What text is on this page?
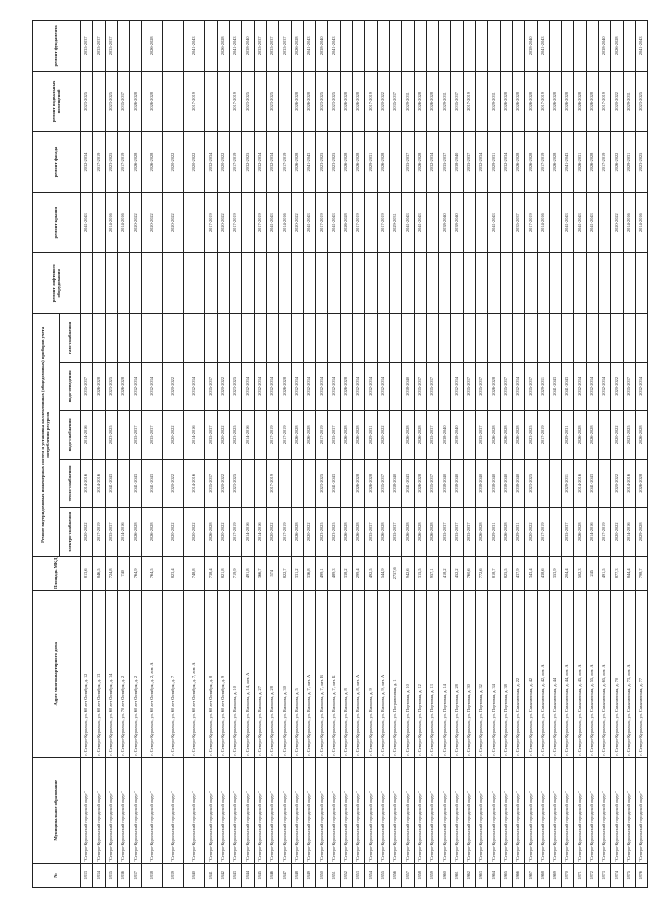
№	Муниципальное образование	Адрес многоквартирного дома	Площадь МКД	Ремонт внутридомовых инженерных систем и установка коллективных (общедомовых) приборов учета потребления ресурсов					ремонт лифтового оборудования	ремонт крыши	ремонт фасада	ремонт подвальных помещений	ремонт фундамента
				электро-снабжения	тепло-снабжения	водо-снабжения	водо-отведения	газо-снабжения					
1833	"Северо-Курильский городской округ"	г. Северо-Курильск, ул. 60 лет Октября, д. 12	813,6	2020-2022	2014-2016	2014-2016	2035-2037			2041-2043	2032-2034	2023-2025	2035-2037
1834	"Северо-Курильский городской округ"	г. Северо-Курильск, ул. 60 лет Октября, д. 13	846,5	2017-2019	2014-2016		2026-2028				2017-2019		2035-2037
1835	"Северо-Курильский городской округ"	г. Северо-Курильск, ул. 60 лет Октября, д. 14	724,8	2035-2037	2041-2043	2023-2025	2023-2025			2014-2016	2023-2025	2023-2025	2035-2037
1836	"Северо-Курильский городской округ"	г. Северо-Курильск, ул. 70 лет Октября, д. 2	740	2014-2016			2026-2028			2014-2016	2017-2019	2035-2037	
1837	"Северо-Курильский городской округ"	г. Северо-Курильск, ул. 60 лет Октября, д. 2	764,9	2026-2028	2041-2043	2035-2037	2032-2034			2020-2022	2026-2028	2026-2028	
1838	"Северо-Курильский городской округ"	г. Северо-Курильск, ул. 60 лет Октября, д. 2, лит. А	764,5	2026-2028	2041-2043	2035-2037	2032-2034			2020-2022	2026-2028	2026-2028	2026-2028
1839	"Северо-Курильский городской округ"	г. Северо-Курильск, ул. 60 лет Октября, д. 7	823,4	2020-2022	2020-2022	2020-2022	2020-2022			2020-2022	2020-2022		
1840	"Северо-Курильский городской округ"	г. Северо-Курильск, ул. 60 лет Октября, д. 7, лит. А	748,8	2020-2022	2014-2016	2014-2016	2032-2034				2020-2022	2017-2019	2041-2043
1841	"Северо-Курильский городской округ"	г. Северо-Курильск, ул. 60 лет Октября, д. 8	738,4	2026-2028	2035-2037	2035-2037	2035-2037			2017-2019	2032-2034		
1842	"Северо-Курильский городской округ"	г. Северо-Курильск, ул. 60 лет Октября, д. 9	821,8	2020-2022	2020-2022	2020-2022	2020-2022			2020-2022	2020-2022		2026-2028
1843	"Северо-Курильский городской округ"	г. Северо-Курильск, ул. Вилкова, д. 10	719,9	2017-2019	2023-2025	2023-2025	2023-2025			2017-2019	2017-2019	2017-2019	2041-2043
1844	"Северо-Курильский городской округ"	г. Северо-Курильск, ул. Вилкова, д. 14, лит. А	491,8	2014-2016		2014-2016	2032-2034				2032-2025	2023-2025	2038-2040
1845	"Северо-Курильский городской округ"	г. Северо-Курильск, ул. Вилкова, д. 27	366,7	2014-2016			2032-2034			2017-2019	2032-2034		2035-2037
1846	"Северо-Курильский городской округ"	г. Северо-Курильск, ул. Вилкова, д. 28	574	2020-2022	2017-2019	2017-2019	2032-2034			2041-2043	2032-2034	2023-2025	2035-2037
1847	"Северо-Курильский городской округ"	г. Северо-Курильск, ул. Вилкова, д. 30	822,7	2017-2019		2017-2019	2026-2028			2014-2016	2017-2019		2035-2037
1848	"Северо-Курильский городской округ"	г. Северо-Курильск, ул. Вилкова, д. 5	331,2	2026-2028		2026-2028	2032-2034			2020-2022	2026-2028	2026-2028	2026-2028
1849	"Северо-Курильский городской округ"	г. Северо-Курильск, ул. Вилкова, д. 7, лит. А	336,8	2020-2022		2026-2028	2032-2034			2041-2043	2041-2043	2026-2028	2041-2043
1850	"Северо-Курильский городской округ"	г. Северо-Курильск, ул. Вилкова, д. 7, лит. В	499,1	2023-2025	2023-2025	2017-2019	2032-2034			2017-2019	2023-2025	2023-2025	2038-2040
1851	"Северо-Курильский городской округ"	г. Северо-Курильск, ул. Вилкова, д. 7, лит. Б	489,3	2023-2025	2041-2043	2035-2037	2032-2034			2041-2043	2023-2025	2023-2025	2041-2043
1852	"Северо-Курильский городской округ"	г. Северо-Курильск, ул. Вилкова, д. 8	338,2	2026-2028		2026-2028	2026-2028			2026-2028	2026-2028	2026-2028	
1853	"Северо-Курильский городской округ"	г. Северо-Курильск, ул. Вилкова, д. 8, лит. А	299,4	2026-2028	2026-2028	2026-2028	2032-2034			2017-2019	2026-2028	2026-2028	
1854	"Северо-Курильский городской округ"	г. Северо-Курильск, ул. Вилкова, д. 9	492,5	2035-2037	2026-2028	2029-2031	2032-2034				2029-2031	2017-2019	
1855	"Северо-Курильский городской округ"	г. Северо-Курильск, ул. Вилкова, д. 9, лит. А	544,9	2026-2028	2035-2037	2020-2022	2032-2034			2017-2019	2026-2028	2020-2022	
1856	"Северо-Курильский городской округ"	г. Северо-Курильск, ул. Пограничная, д. 1	2757,6	2035-2037	2038-2040					2029-2031		2035-2037	
1857	"Северо-Курильский городской округ"	г. Северо-Курильск, ул. Портовая, д. 10	942,6	2026-2028	2041-2043	2026-2028	2038-2040			2041-2043	2035-2037	2029-2031	
1858	"Северо-Курильский городской округ"	г. Северо-Курильск, ул. Портовая, д. 12	315,5	2026-2028	2026-2028	2026-2028	2035-2037			2041-2043	2026-2028	2026-2028	
1859	"Северо-Курильский городской округ"	г. Северо-Курильск, ул. Портовая, д. 13	957,1	2026-2028	2035-2037	2035-2037	2035-2037				2032-2034	2026-2028	
1860	"Северо-Курильский городской округ"	г. Северо-Курильск, ул. Портовая, д. 14	418,2	2035-2037	2038-2040	2038-2040				2038-2040	2035-2037	2029-2031	
1861	"Северо-Курильский городской округ"	г. Северо-Курильск, ул. Портовая, д. 28	452,2	2035-2037	2038-2040	2038-2040	2032-2034			2038-2040	2038-2040	2035-2037	
1862	"Северо-Курильский городской округ"	г. Северо-Курильск, ул. Портовая, д. 30	760,6	2035-2037			2035-2037				2035-2037	2017-2019	
1863	"Северо-Курильский городской округ"	г. Северо-Курильск, ул. Портовая, д. 32	772,6	2026-2028	2038-2040	2035-2037	2035-2037				2032-2034		
1864	"Северо-Курильский городской округ"	г. Северо-Курильск, ул. Портовая, д. 34	818,7	2029-2031	2038-2040	2026-2028	2026-2028			2041-2043	2029-2031	2029-2031	
1865	"Северо-Курильский городской округ"	г. Северо-Курильск, ул. Портовая, д. 38	825,5	2026-2028	2038-2040	2026-2028	2035-2037				2032-2034	2026-2028	
1866	"Северо-Курильский городской округ"	г. Северо-Курильск, ул. Сахалинская, д. 22	437,9	2029-2031	2038-2040	2026-2028	2032-2034			2035-2037	2026-2028	2026-2028	
1867	"Северо-Курильский городской округ"	г. Северо-Курильск, ул. Сахалинская, д. 42	343,4	2020-2022	2023-2025	2023-2025	2035-2037			2017-2019	2026-2028	2026-2028	2038-2040
1868	"Северо-Курильский городской округ"	г. Северо-Курильск, ул. Сахалинская, д. 42, лит. А	438,6	2017-2019		2017-2019	2029-2031			2014-2016	2017-2019	2017-2019	2041-2043
1869	"Северо-Курильский городской округ"	г. Северо-Курильск, ул. Сахалинская, д. 44	353,9				2041-2043				2026-2028	2026-2028	
1870	"Северо-Курильский городской округ"	г. Северо-Курильск, ул. Сахалинская, д. 44, лит. А	204,4	2035-2037	2029-2031	2029-2031	2041-2043			2041-2043	2041-2043	2026-2028	
1871	"Северо-Курильский городской округ"	г. Северо-Курильск, ул. Сахалинская, д. 45, лит. А	502,3	2026-2028	2014-2016	2026-2028	2032-2034			2041-2043	2026-2031	2026-2028	
1872	"Северо-Курильский городской округ"	г. Северо-Курильск, ул. Сахалинская, д. 55, лит. А	245	2014-2016	2041-2043	2026-2028	2032-2034			2041-2043	2026-2028	2026-2028	
1873	"Северо-Курильский городской округ"	г. Северо-Курильск, ул. Сахалинская, д. 65, лит. А	491,5	2017-2019			2032-2034				2017-2019	2017-2019	2038-2040
1874	"Северо-Курильский городской округ"	г. Северо-Курильск, ул. Сахалинская, д. 70	877,3	2020-2022	2020-2022	2020-2022	2020-2022			2020-2022	2026-2022	2020-2022	2026-2028
1875	"Северо-Курильский городской округ"	г. Северо-Курильск, ул. Сахалинская, д. 73, лит. А	844,4	2014-2016	2014-2016	2023-2025	2035-2037			2014-2016	2029-2031	2029-2031	
1876	"Северо-Курильский городской округ"	г. Северо-Курильск, ул. Сахалинская, д. 77	798,7	2029-2028	2026-2028	2026-2028	2032-2034			2014-2016	2023-2025	2023-2025	2041-2043
